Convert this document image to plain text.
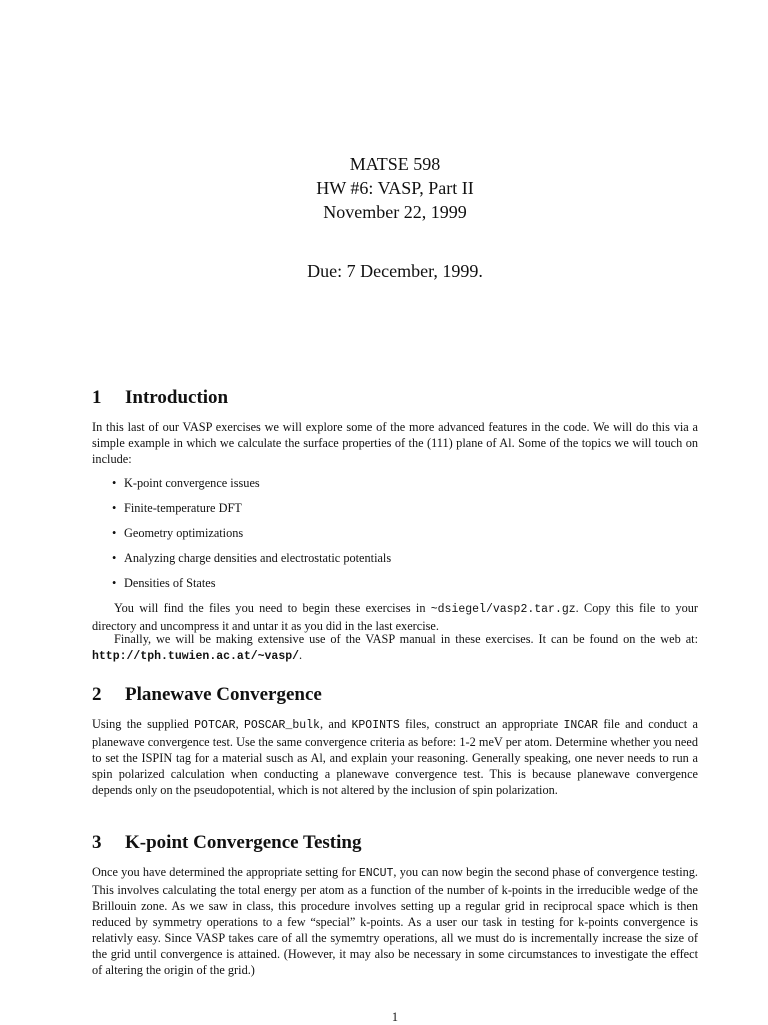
MATSE 598
HW #6: VASP, Part II
November 22, 1999
Due: 7 December, 1999.
1 Introduction

In this last of our VASP exercises we will explore some of the more advanced features in the code. We will do this via a simple example in which we calculate the surface properties of the (111) plane of Al. Some of the topics we will touch on include:

• K-point convergence issues
• Finite-temperature DFT
• Geometry optimizations
• Analyzing charge densities and electrostatic potentials
• Densities of States

You will find the files you need to begin these exercises in ~dsiegel/vasp2.tar.gz. Copy this file to your directory and uncompress it and untar it as you did in the last exercise.

Finally, we will be making extensive use of the VASP manual in these exercises. It can be found on the web at: http://tph.tuwien.ac.at/~vasp/.

2 Planewave Convergence

Using the supplied POTCAR, POSCAR_bulk, and KPOINTS files, construct an appropriate INCAR file and conduct a planewave convergence test. Use the same convergence criteria as before: 1-2 meV per atom. Determine whether you need to set the ISPIN tag for a material susch as Al, and explain your reasoning. Generally speaking, one never needs to run a spin polarized calculation when conducting a planewave convergence test. This is because planewave convergence depends only on the pseudopotential, which is not altered by the inclusion of spin polarization.

3 K-point Convergence Testing

Once you have determined the appropriate setting for ENCUT, you can now begin the second phase of convergence testing. This involves calculating the total energy per atom as a function of the number of k-points in the irreducible wedge of the Brillouin zone. As we saw in class, this procedure involves setting up a regular grid in reciprocal space which is then reduced by symmetry operations to a few “special” k-points. As a user our task in testing for k-points convergence is relativly easy. Since VASP takes care of all the symemtry operations, all we must do is incrementally increase the size of the grid until convergence is attained. (However, it may also be necessary in some circumstances to investigate the effect of altering the origin of the grid.)

1
